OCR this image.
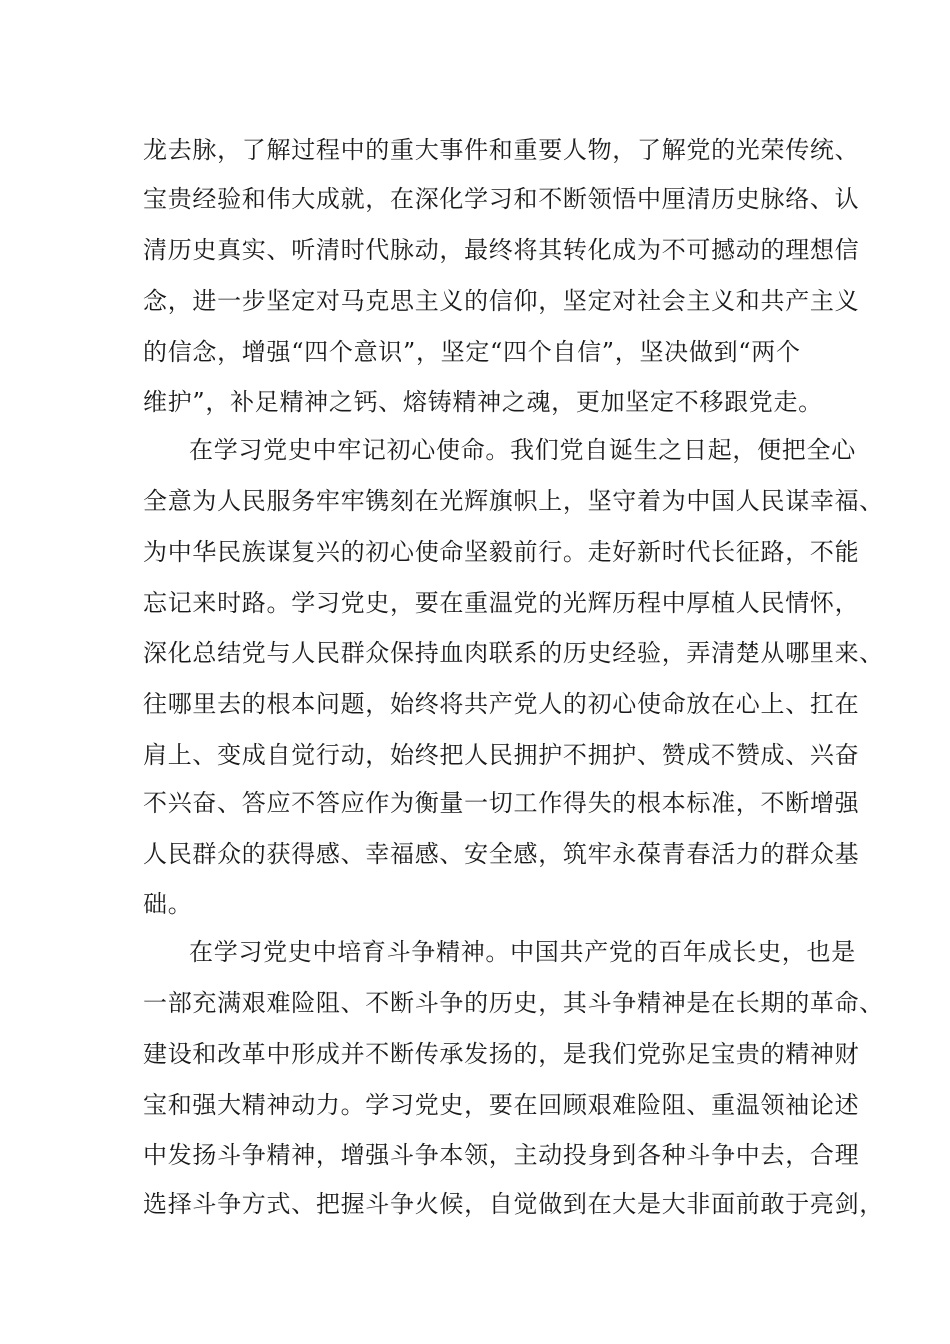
龙去脉，了解过程中的重大事件和重要人物，了解党的光荣传统、
宝贵经验和伟大成就，在深化学习和不断领悟中厘清历史脉络、认
清历史真实、听清时代脉动，最终将其转化成为不可撼动的理想信
念，进一步坚定对马克思主义的信仰，坚定对社会主义和共产主义
的信念，增强“四个意识”，坚定“四个自信”，坚决做到“两个
维护”，补足精神之钙、熔铸精神之魂，更加坚定不移跟党走。
在学习党史中牢记初心使命。我们党自诞生之日起，便把全心
全意为人民服务牢牢镌刻在光辉旗帜上，坚守着为中国人民谋幸福、
为中华民族谋复兴的初心使命坚毅前行。走好新时代长征路，不能
忘记来时路。学习党史，要在重温党的光辉历程中厚植人民情怀，
深化总结党与人民群众保持血肉联系的历史经验，弄清楚从哪里来、
往哪里去的根本问题，始终将共产党人的初心使命放在心上、扛在
肩上、变成自觉行动，始终把人民拥护不拥护、赞成不赞成、兴奋
不兴奋、答应不答应作为衡量一切工作得失的根本标准，不断增强
人民群众的获得感、幸福感、安全感，筑牢永葆青春活力的群众基
础。
在学习党史中培育斗争精神。中国共产党的百年成长史，也是
一部充满艰难险阻、不断斗争的历史，其斗争精神是在长期的革命、
建设和改革中形成并不断传承发扬的，是我们党弥足宝贵的精神财
宝和强大精神动力。学习党史，要在回顾艰难险阻、重温领袖论述
中发扬斗争精神，增强斗争本领，主动投身到各种斗争中去，合理
选择斗争方式、把握斗争火候，自觉做到在大是大非面前敢于亮剑，
